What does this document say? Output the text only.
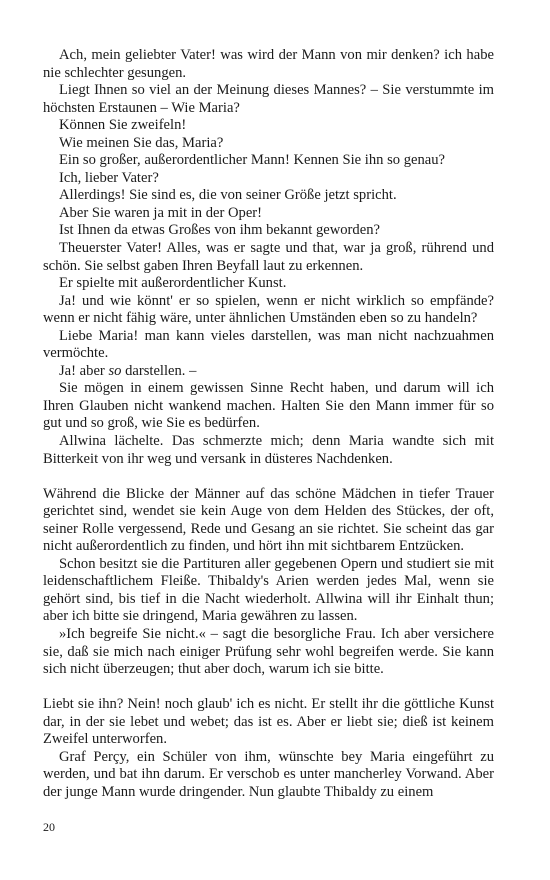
Ach, mein geliebter Vater! was wird der Mann von mir denken? ich habe nie schlechter gesungen.

Liegt Ihnen so viel an der Meinung dieses Mannes? – Sie verstummte im höchsten Erstaunen – Wie Maria?

Können Sie zweifeln!

Wie meinen Sie das, Maria?

Ein so großer, außerordentlicher Mann! Kennen Sie ihn so genau?

Ich, lieber Vater?

Allerdings! Sie sind es, die von seiner Größe jetzt spricht.

Aber Sie waren ja mit in der Oper!

Ist Ihnen da etwas Großes von ihm bekannt geworden?

Theuerster Vater! Alles, was er sagte und that, war ja groß, rührend und schön. Sie selbst gaben Ihren Beyfall laut zu erkennen.

Er spielte mit außerordentlicher Kunst.

Ja! und wie könnt' er so spielen, wenn er nicht wirklich so empfände? wenn er nicht fähig wäre, unter ähnlichen Umständen eben so zu handeln?

Liebe Maria! man kann vieles darstellen, was man nicht nachzuahmen vermöchte.

Ja! aber so darstellen. –

Sie mögen in einem gewissen Sinne Recht haben, und darum will ich Ihren Glauben nicht wankend machen. Halten Sie den Mann immer für so gut und so groß, wie Sie es bedürfen.

Allwina lächelte. Das schmerzte mich; denn Maria wandte sich mit Bitterkeit von ihr weg und versank in düsteres Nachdenken.

Während die Blicke der Männer auf das schöne Mädchen in tiefer Trauer gerichtet sind, wendet sie kein Auge von dem Helden des Stückes, der oft, seiner Rolle vergessend, Rede und Gesang an sie richtet. Sie scheint das gar nicht außerordentlich zu finden, und hört ihn mit sichtbarem Entzücken.

Schon besitzt sie die Partituren aller gegebenen Opern und studiert sie mit leidenschaftlichem Fleiße. Thibaldy's Arien werden jedes Mal, wenn sie gehört sind, bis tief in die Nacht wiederholt. Allwina will ihr Einhalt thun; aber ich bitte sie dringend, Maria gewähren zu lassen.

»Ich begreife Sie nicht.« – sagt die besorgliche Frau. Ich aber versichere sie, daß sie mich nach einiger Prüfung sehr wohl begreifen werde. Sie kann sich nicht überzeugen; thut aber doch, warum ich sie bitte.

Liebt sie ihn? Nein! noch glaub' ich es nicht. Er stellt ihr die göttliche Kunst dar, in der sie lebet und webet; das ist es. Aber er liebt sie; dieß ist keinem Zweifel unterworfen.

Graf Perçy, ein Schüler von ihm, wünschte bey Maria eingeführt zu werden, und bat ihn darum. Er verschob es unter mancherley Vorwand. Aber der junge Mann wurde dringender. Nun glaubte Thibaldy zu einem

20
